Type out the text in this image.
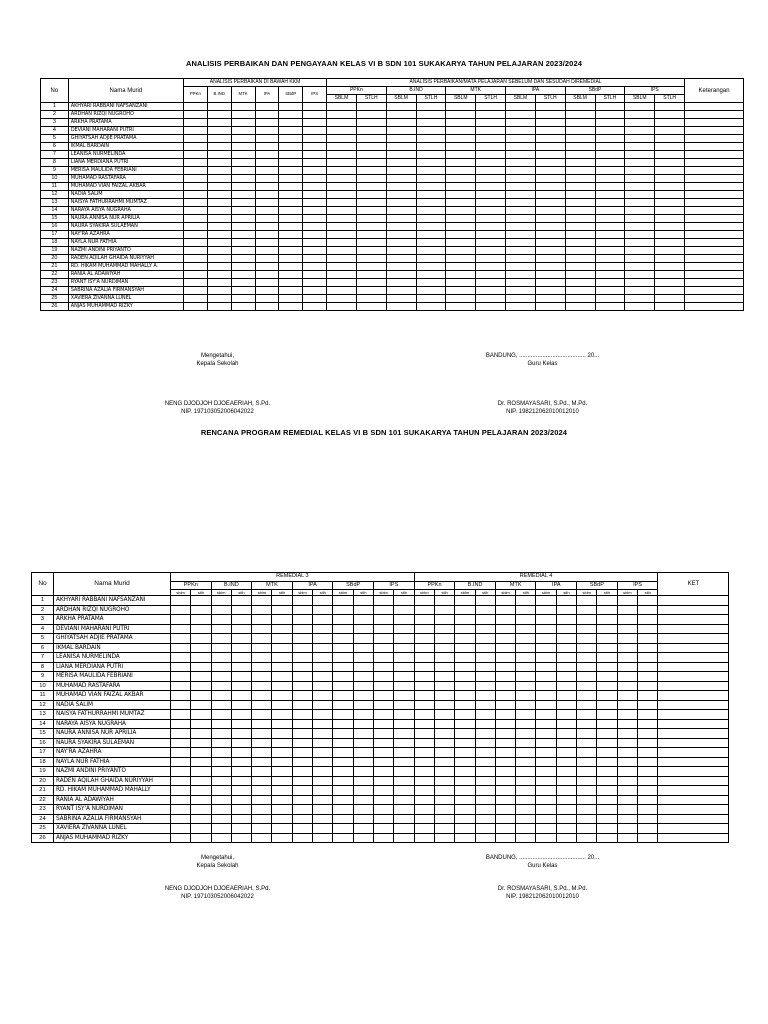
ANALISIS PERBAIKAN DAN PENGAYAAN KELAS VI B SDN 101 SUKAKARYA TAHUN PELAJARAN 2023/2024
No	Nama Murid	ANALISIS PERBAIKAN DI BAWAH KKM						ANALISIS PERBAIKAN/MATA PELAJARAN SEBELUM DAN SESUDAH DIREMEDIAL												Keterangan
		PPKn	B.IND	MTK	IPA	SBdP	IPS	PPKn		B.IND		MTK		IPA		SBdP		IPS		
								SBLM	STLH	SBLM	STLH	SBLM	STLH	SBLM	STLH	SBLM	STLH	SBLM	STLH	
1	AKHYARI RABBANI NAFSANZANI																			
2	ARDHAN RIZQI NUGROHO																			
3	ARKHA PRATAMA																			
4	DEVIANI MAHARANI PUTRI																			
5	GHIYATSAH ADJIE PRATAMA																			
6	IKMAL BARDAIN																			
7	LEANISA NURMELINDA																			
8	LIANA MERDIANA PUTRI																			
9	MERISA MAULIDA FEBRIANI																			
10	MUHAMAD RASTAFARA																			
11	MUHAMAD VIAN FAIZAL AKBAR																			
12	NADIA SALIM																			
13	NAISYA FATHURRAHMI MUMTAZ																			
14	NARAYA AISYA NUGRAHA																			
15	NAURA ANNISA NUR APRILIA																			
16	NAURA SYAKIRA SULAEMAN																			
17	NAY'RA AZAHRA																			
18	NAYLA NUR FATHIA																			
19	NAZMI ANDINI PRIYANTO																			
20	RADEN AQILAH GHAIDA NURIYYAH																			
21	RD. HIKAM MUHAMMAD MAHALLY A.																			
22	RANIA AL ADAWIYAH																			
23	RYANT ISY'A NURDIMAN																			
24	SABRINA AZALIA FIRMANSYAH																			
25	XAVIERA ZIVANNA LUNEL																			
26	ANJAS MUHAMMAD RIZKY																			
Mengetahui,
Kepala Sekolah
BANDUNG, ........................................ 20...
Guru Kelas
NENG DJODJOH DJOEAERIAH, S.Pd.
NIP. 197103052006042022
Dr. ROSMAYASARI, S.Pd., M.Pd.
NIP. 198212062010012010
RENCANA PROGRAM REMEDIAL KELAS VI B SDN 101 SUKAKARYA TAHUN PELAJARAN 2023/2024
No	Nama Murid	REMEDIAL 3												REMEDIAL 4												KET
		PPKn		B.IND		MTK		IPA		SBdP		IPS		PPKn		B.IND		MTK		IPA		SBdP		IPS		
		sblm	stlh	sblm	stlh	sblm	stlh	sblm	stlh	sblm	stlh	sblm	stlh	sblm	stlh	sblm	stlh	sblm	stlh	sblm	stlh	sblm	stlh	sblm	stlh	
1	AKHYARI RABBANI NAFSANZANI																									
2	ARDHAN RIZQI NUGROHO																									
3	ARKHA PRATAMA																									
4	DEVIANI MAHARANI PUTRI																									
5	GHIYATSAH ADJIE PRATAMA																									
6	IKMAL BARDAIN																									
7	LEANISA NURMELINDA																									
8	LIANA MERDIANA PUTRI																									
9	MERISA MAULIDA FEBRIANI																									
10	MUHAMAD RASTAFARA																									
11	MUHAMAD VIAN FAIZAL AKBAR																									
12	NADIA SALIM																									
13	NAISYA FATHURRAHMI MUMTAZ																									
14	NARAYA AISYA NUGRAHA																									
15	NAURA ANNISA NUR APRILIA																									
16	NAURA SYAKIRA SULAEMAN																									
17	NAY'RA AZAHRA																									
18	NAYLA NUR FATHIA																									
19	NAZMI ANDINI PRIYANTO																									
20	RADEN AQILAH GHAIDA NURIYYAH																									
21	RD. HIKAM MUHAMMAD MAHALLY																									
22	RANIA AL ADAWIYAH																									
23	RYANT ISY'A NURDIMAN																									
24	SABRINA AZALIA FIRMANSYAH																									
25	XAVIERA ZIVANNA LUNEL																									
26	ANJAS MUHAMMAD RIZKY																									
Mengetahui,
Kepala Sekolah
BANDUNG, ........................................ 20...
Guru Kelas
NENG DJODJOH DJOEAERIAH, S.Pd.
NIP. 197103052006042022
Dr. ROSMAYASARI, S.Pd., M.Pd.
NIP. 198212062010012010
